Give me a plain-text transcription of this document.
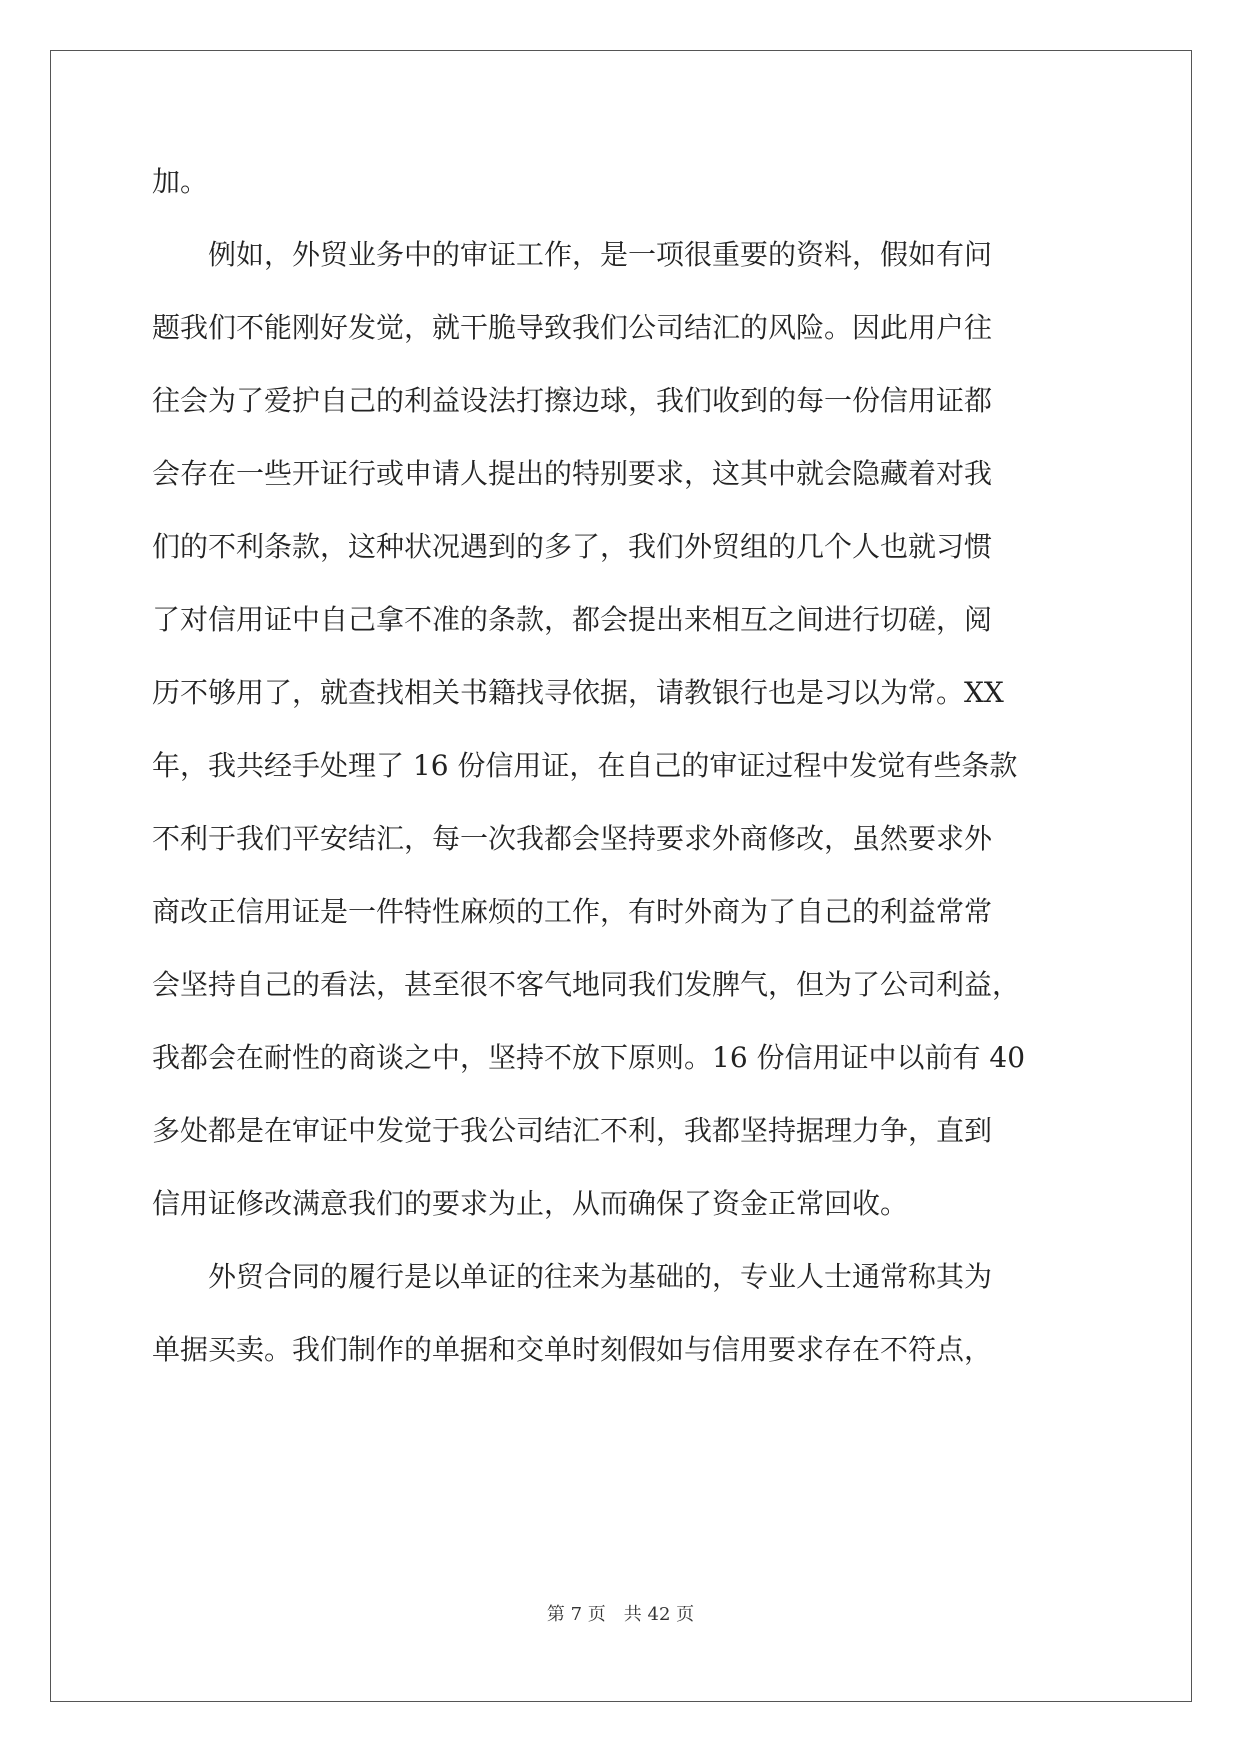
加。
　　例如，外贸业务中的审证工作，是一项很重要的资料，假如有问
题我们不能刚好发觉，就干脆导致我们公司结汇的风险。因此用户往
往会为了爱护自己的利益设法打擦边球，我们收到的每一份信用证都
会存在一些开证行或申请人提出的特别要求，这其中就会隐藏着对我
们的不利条款，这种状况遇到的多了，我们外贸组的几个人也就习惯
了对信用证中自己拿不准的条款，都会提出来相互之间进行切磋，阅
历不够用了，就查找相关书籍找寻依据，请教银行也是习以为常。XX
年，我共经手处理了 16 份信用证，在自己的审证过程中发觉有些条款
不利于我们平安结汇，每一次我都会坚持要求外商修改，虽然要求外
商改正信用证是一件特性麻烦的工作，有时外商为了自己的利益常常
会坚持自己的看法，甚至很不客气地同我们发脾气，但为了公司利益，
我都会在耐性的商谈之中，坚持不放下原则。16 份信用证中以前有 40
多处都是在审证中发觉于我公司结汇不利，我都坚持据理力争，直到
信用证修改满意我们的要求为止，从而确保了资金正常回收。
　　外贸合同的履行是以单证的往来为基础的，专业人士通常称其为
单据买卖。我们制作的单据和交单时刻假如与信用要求存在不符点，
第 7 页　共 42 页
